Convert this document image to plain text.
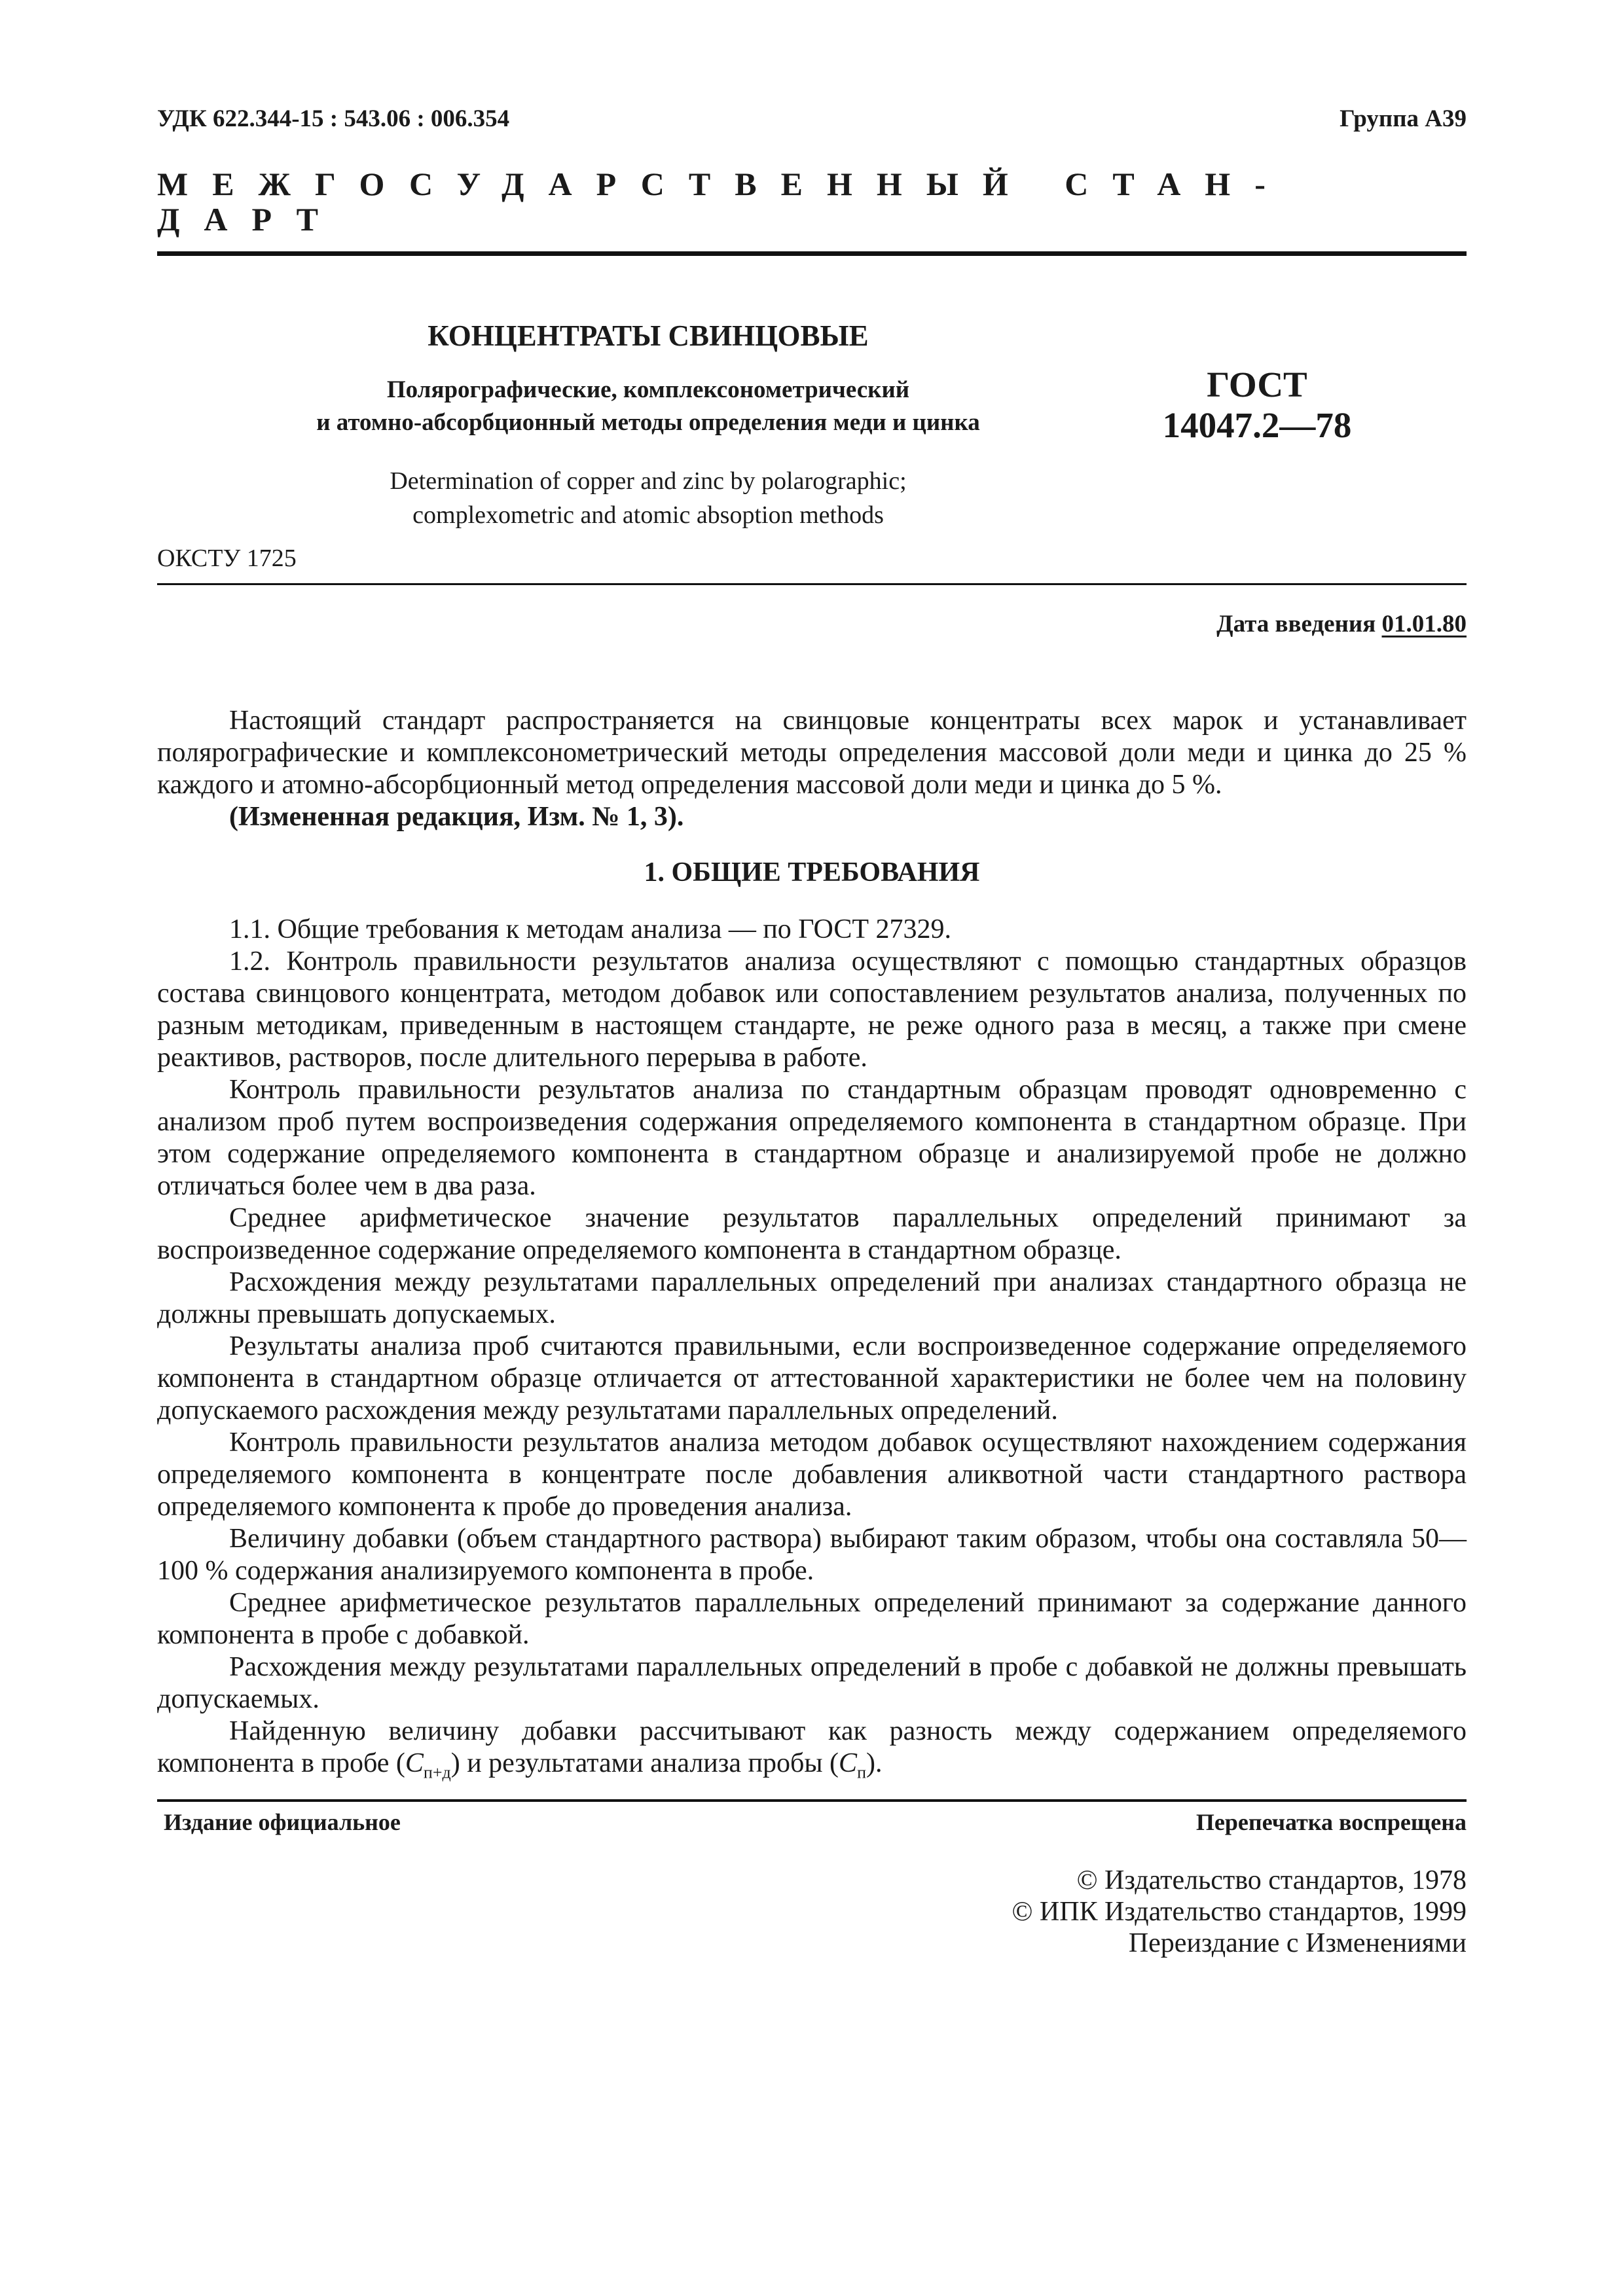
УДК 622.344-15 : 543.06 : 006.354	Группа А39
МЕЖГОСУДАРСТВЕННЫЙ СТАН- ДАРТ
КОНЦЕНТРАТЫ СВИНЦОВЫЕ
Полярографические, комплексонометрический
и атомно-абсорбционный методы определения меди и цинка
ГОСТ
14047.2—78
Determination of copper and zinc by polarographic;
complexometric and atomic absoption methods
ОКСТУ 1725
Дата введения 01.01.80

Настоящий стандарт распространяется на свинцовые концентраты всех марок и устанавливает полярографические и комплексонометрический методы определения массовой доли меди и цинка до 25 % каждого и атомно-абсорбционный метод определения массовой доли меди и цинка до 5 %.

(Измененная редакция, Изм. № 1, 3).

1. ОБЩИЕ ТРЕБОВАНИЯ

1.1. Общие требования к методам анализа — по ГОСТ 27329.

1.2. Контроль правильности результатов анализа осуществляют с помощью стандартных образцов состава свинцового концентрата, методом добавок или сопоставлением результатов анализа, полученных по разным методикам, приведенным в настоящем стандарте, не реже одного раза в месяц, а также при смене реактивов, растворов, после длительного перерыва в работе.

Контроль правильности результатов анализа по стандартным образцам проводят одновременно с анализом проб путем воспроизведения содержания определяемого компонента в стандартном образце. При этом содержание определяемого компонента в стандартном образце и анализируемой пробе не должно отличаться более чем в два раза.

Среднее арифметическое значение результатов параллельных определений принимают за воспроизведенное содержание определяемого компонента в стандартном образце.

Расхождения между результатами параллельных определений при анализах стандартного образца не должны превышать допускаемых.

Результаты анализа проб считаются правильными, если воспроизведенное содержание определяемого компонента в стандартном образце отличается от аттестованной характеристики не более чем на половину допускаемого расхождения между результатами параллельных определений.

Контроль правильности результатов анализа методом добавок осуществляют нахождением содержания определяемого компонента в концентрате после добавления аликвотной части стандартного раствора определяемого компонента к пробе до проведения анализа.

Величину добавки (объем стандартного раствора) выбирают таким образом, чтобы она составляла 50—100 % содержания анализируемого компонента в пробе.

Среднее арифметическое результатов параллельных определений принимают за содержание данного компонента в пробе с добавкой.

Расхождения между результатами параллельных определений в пробе с добавкой не должны превышать допускаемых.

Найденную величину добавки рассчитывают как разность между содержанием определяемого компонента в пробе $(C_{п+д})$ и результатами анализа пробы $(C_п)$.

Издание официальное	Перепечатка воспрещена
© Издательство стандартов, 1978
© ИПК Издательство стандартов, 1999
Переиздание с Изменениями
